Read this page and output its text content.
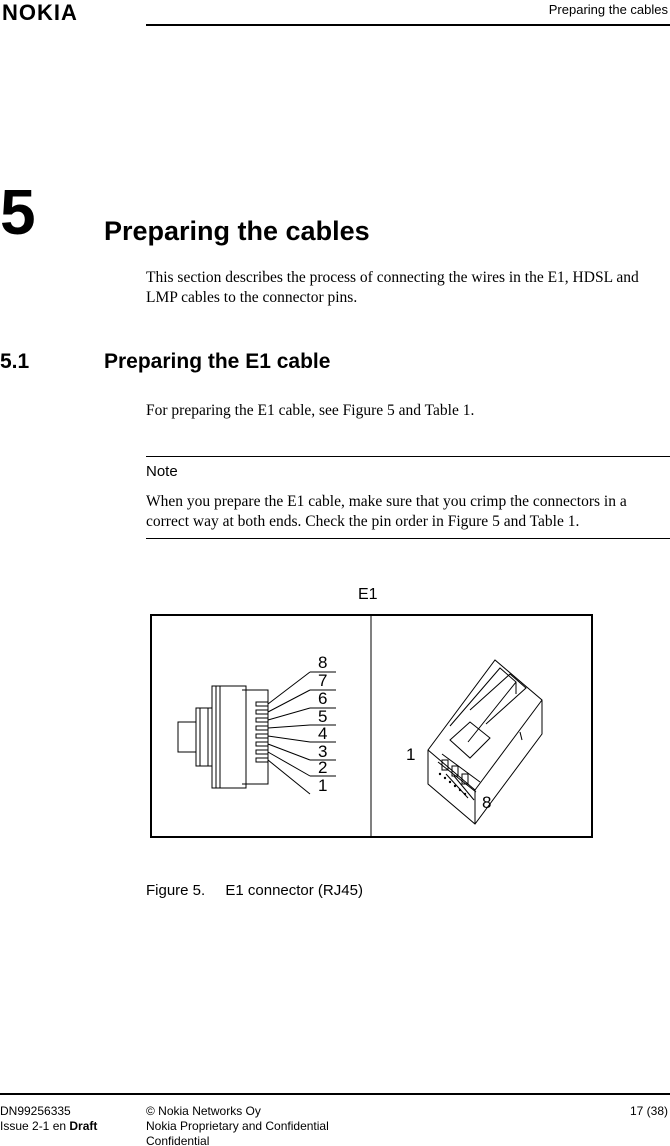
NOKIA	Preparing the cables
5	Preparing the cables

This section describes the process of connecting the wires in the E1, HDSL and LMP cables to the connector pins.

5.1	Preparing the E1 cable

For preparing the E1 cable, see Figure 5 and Table 1.

Note

When you prepare the E1 cable, make sure that you crimp the connectors in a correct way at both ends. Check the pin order in Figure 5 and Table 1.

E1
8
7
6
5
4
3
2
1
1
8
Figure 5. E1 connector (RJ45)
DN99256335
Issue 2-1 en Draft
© Nokia Networks Oy
Nokia Proprietary and Confidential
Confidential
17 (38)
